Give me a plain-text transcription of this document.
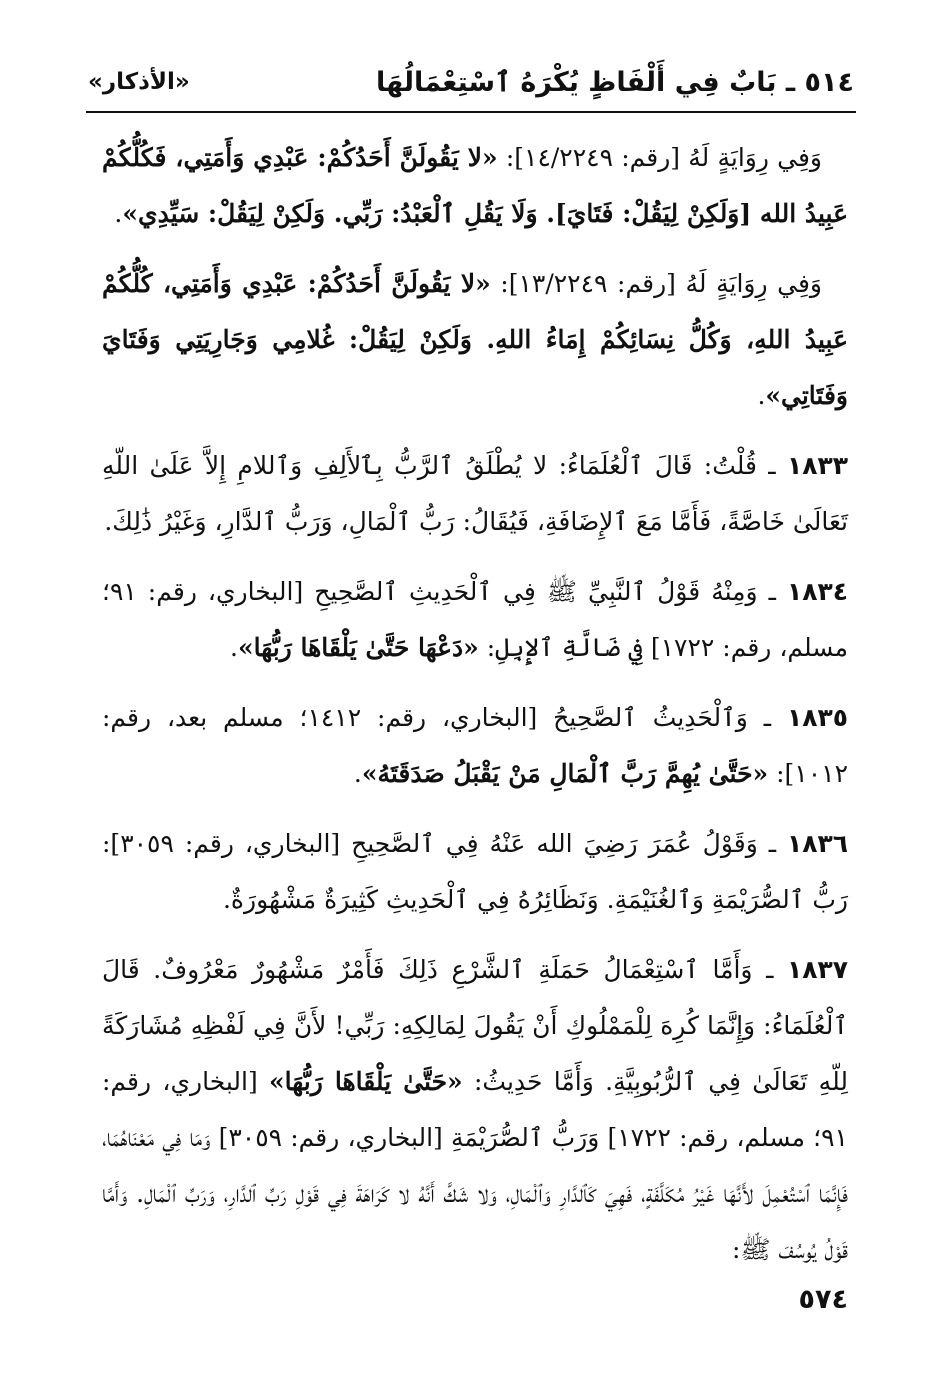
٥١٤ ـ بَابٌ فِي أَلْفَاظٍ يُكْرَهُ ٱسْتِعْمَالُهَا
«الأذكار»

وَفِي رِوَايَةٍ لَهُ [رقم: ١٤/٢٢٤٩]: «لا يَقُولَنَّ أَحَدُكُمْ: عَبْدِي وَأَمَتِي، فَكُلُّكُمْ عَبِيدُ الله [وَلَكِنْ لِيَقُلْ: فَتَايَ]. وَلَا يَقُلِ ٱلْعَبْدُ: رَبِّي. وَلَكِنْ لِيَقُلْ: سَيِّدِي».

وَفِي رِوَايَةٍ لَهُ [رقم: ١٣/٢٢٤٩]: «لا يَقُولَنَّ أَحَدُكُمْ: عَبْدِي وَأَمَتِي، كُلُّكُمْ عَبِيدُ اللهِ، وَكُلُّ نِسَائِكُمْ إِمَاءُ اللهِ. وَلَكِنْ لِيَقُلْ: غُلامِي وَجَارِيَتِي وَفَتَايَ وَفَتَاتِي».

١٨٣٣ ـ قُلْتُ: قَالَ ٱلْعُلَمَاءُ: لا يُطْلَقُ ٱلرَّبُّ بِٱلأَلِفِ وَٱللامِ إِلاَّ عَلَىٰ اللّهِ تَعَالَىٰ خَاصَّةً، فَأَمَّا مَعَ ٱلإِضَافَةِ، فَيُقَالُ: رَبُّ ٱلْمَالِ، وَرَبُّ ٱلدَّارِ، وَغَيْرُ ذَٰلِكَ.

١٨٣٤ ـ وَمِنْهُ قَوْلُ ٱلنَّبِيِّ ﷺ فِي ٱلْحَدِيثِ ٱلصَّحِيحِ [البخاري، رقم: ٩١؛ مسلم، رقم: ١٧٢٢] فِي ضَالَّةِ ٱلإِبِلِ: «دَعْهَا حَتَّىٰ يَلْقَاهَا رَبُّهَا».

١٨٣٥ ـ وَٱلْحَدِيثُ ٱلصَّحِيحُ [البخاري، رقم: ١٤١٢؛ مسلم بعد، رقم: ١٠١٢]: «حَتَّىٰ يُهِمَّ رَبَّ ٱلْمَالِ مَنْ يَقْبَلُ صَدَقَتَهُ».

١٨٣٦ ـ وَقَوْلُ عُمَرَ رَضِيَ الله عَنْهُ فِي ٱلصَّحِيحِ [البخاري، رقم: ٣٠٥٩]: رَبُّ ٱلصُّرَيْمَةِ وَٱلغُنَيْمَةِ. وَنَظَائِرُهُ فِي ٱلْحَدِيثِ كَثِيرَةٌ مَشْهُورَةٌ.

١٨٣٧ ـ وَأَمَّا ٱسْتِعْمَالُ حَمَلَةِ ٱلشَّرْعِ ذَلِكَ فَأَمْرٌ مَشْهُورٌ مَعْرُوفٌ. قَالَ ٱلْعُلَمَاءُ: وَإِنَّمَا كُرِهَ لِلْمَمْلُوكِ أَنْ يَقُولَ لِمَالِكِهِ: رَبِّي! لأَنَّ فِي لَفْظِهِ مُشَارَكَةً لِلّهِ تَعَالَىٰ فِي ٱلرُّبُوبِيَّةِ. وَأَمَّا حَدِيثُ: «حَتَّىٰ يَلْقَاهَا رَبُّهَا» [البخاري، رقم: ٩١؛ مسلم، رقم: ١٧٢٢] وَرَبُّ ٱلصُّرَيْمَةِ [البخاري، رقم: ٣٠٥٩] وَمَا فِي مَعْنَاهُمَا، فَإِنَّمَا ٱسْتُعْمِلَ لأَنَّهَا غَيْرُ مُكَلَّفَةٍ، فَهِيَ كَٱلدَّارِ وَٱلْمَالِ، وَلا شَكَّ أَنَّهُ لا كَرَاهَةَ فِي قَوْلِ رَبِّ ٱلدَّارِ، وَرَبِّ ٱلْمَالِ. وَأَمَّا قَوْلُ يُوسُفَ ﷺ:

٥٧٤
